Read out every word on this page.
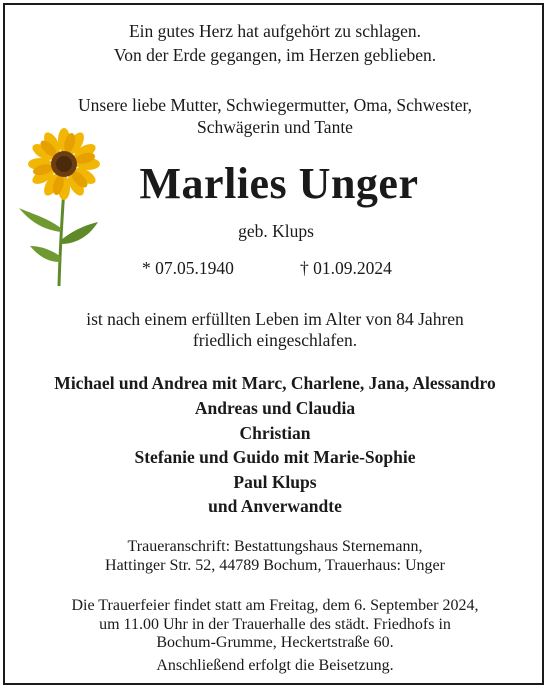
Ein gutes Herz hat aufgehört zu schlagen.
Von der Erde gegangen, im Herzen geblieben.
Unsere liebe Mutter, Schwiegermutter, Oma, Schwester,
Schwägerin und Tante
Marlies Unger
geb. Klups
* 07.05.1940	† 01.09.2024
ist nach einem erfüllten Leben im Alter von 84 Jahren
friedlich eingeschlafen.
Michael und Andrea mit Marc, Charlene, Jana, Alessandro
Andreas und Claudia
Christian
Stefanie und Guido mit Marie-Sophie
Paul Klups
und Anverwandte
Traueranschrift: Bestattungshaus Sternemann,
Hattinger Str. 52, 44789 Bochum, Trauerhaus: Unger
Die Trauerfeier findet statt am Freitag, dem 6. September 2024,
um 11.00 Uhr in der Trauerhalle des städt. Friedhofs in
Bochum-Grumme, Heckertstraße 60.
Anschließend erfolgt die Beisetzung.
